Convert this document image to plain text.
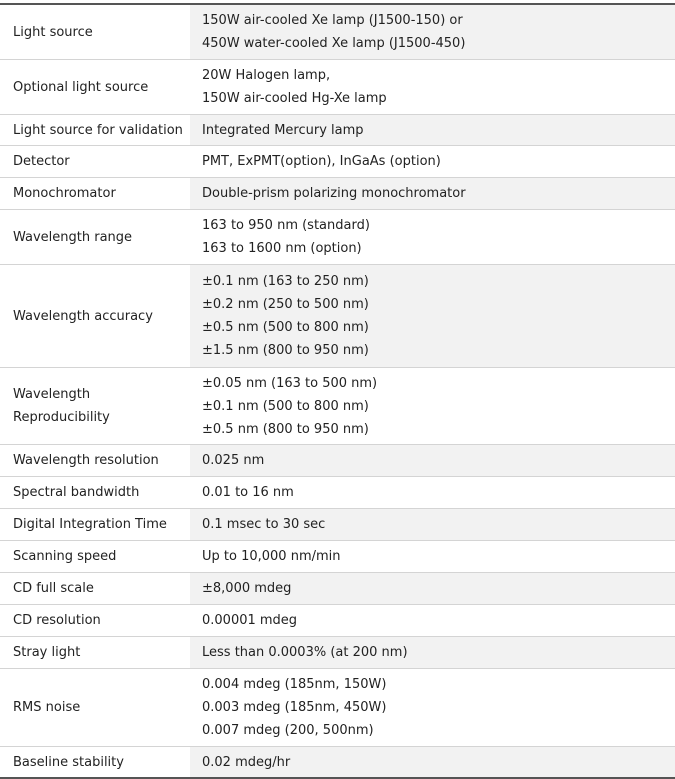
Light source	150W air-cooled Xe lamp (J1500-150) or
450W water-cooled Xe lamp (J1500-450)

Optional light source	20W Halogen lamp,
150W air-cooled Hg-Xe lamp

Light source for validation	Integrated Mercury lamp

Detector	PMT, ExPMT(option), InGaAs (option)

Monochromator	Double-prism polarizing monochromator

Wavelength range	163 to 950 nm (standard)
163 to 1600 nm (option)

Wavelength accuracy	±0.1 nm (163 to 250 nm)
±0.2 nm (250 to 500 nm)
±0.5 nm (500 to 800 nm)
±1.5 nm (800 to 950 nm)

Wavelength Reproducibility	±0.05 nm (163 to 500 nm)
±0.1 nm (500 to 800 nm)
±0.5 nm (800 to 950 nm)

Wavelength resolution	0.025 nm

Spectral bandwidth	0.01 to 16 nm

Digital Integration Time	0.1 msec to 30 sec

Scanning speed	Up to 10,000 nm/min

CD full scale	±8,000 mdeg

CD resolution	0.00001 mdeg

Stray light	Less than 0.0003% (at 200 nm)

RMS noise	0.004 mdeg (185nm, 150W)
0.003 mdeg (185nm, 450W)
0.007 mdeg (200, 500nm)

Baseline stability	0.02 mdeg/hr
